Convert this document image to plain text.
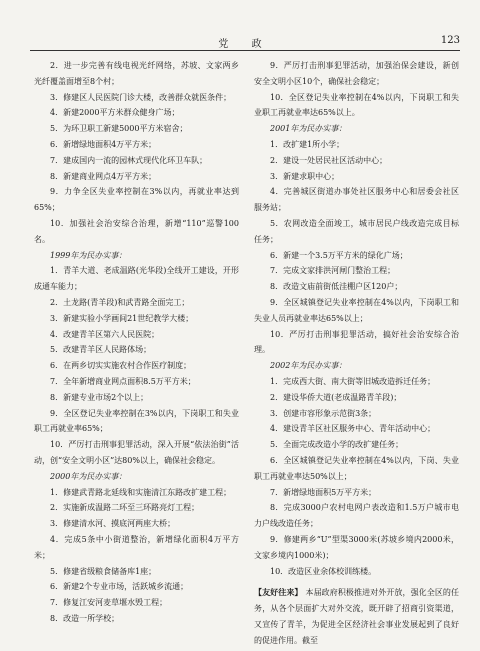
党 政	123

2．进一步完善有线电视光纤网络，苏坡、文家两乡光纤覆盖面增至8个村；

3．修建区人民医院门诊大楼，改善群众就医条件；

4．新建2000平方米群众健身广场；

5．为环卫职工新建5000平方米宿舍；

6．新增绿地面积4万平方米；

7．建成国内一流的园林式现代化环卫车队；

8．新建商业网点4万平方米；

9．力争全区失业率控制在3%以内，再就业率达到65%；

10．加强社会治安综合治理，新增“110”巡警100名。

1999年为民办实事：

1．青羊大道、老成温路(光华段)全线开工建设，开形成通车能力；

2．土龙路(青羊段)和武青路全面完工；

3．新建实验小学画间21世纪教学大楼；

4．改建青羊区第六人民医院；

5．改建青羊区人民路体场；

6．在两乡切实实施农村合作医疗制度；

7．全年新增商业网点面积8.5万平方米；

8．新建专业市场2个以上；

9．全区登记失业率控制在3%以内，下岗职工和失业职工再就业率65%；

10．严厉打击刑事犯罪活动，深入开展“依法治街”活动，创“安全文明小区”达80%以上，确保社会稳定。

2000年为民办实事：

1．修建武青路北延线和实施清江东路改扩建工程；

2．实施新成温路二环至三环路亮灯工程；

3．修建清水河、摸底河两座大桥；

4．完成5条中小街道整治，新增绿化面积4万平方米；

5．修建省级粮食储备库1座；

6．新建2个专业市场，活跃城乡流通；

7．修复江安河麦草堰水毁工程；

8．改造一所学校；

9．严厉打击刑事犯罪活动，加强治保会建设，新创安全文明小区10个，确保社会稳定；

10．全区登记失业率控制在4%以内，下岗职工和失业职工再就业率达65%以上。

2001年为民办实事：

1．改扩建1所小学；

2．建设一处居民社区活动中心；

3．新建求职中心；

4．完善城区街道办事处社区服务中心和居委会社区服务站；

5．农网改造全面竣工，城市居民户线改造完成目标任务；

6．新建一个3.5万平方米的绿化广场；

7．完成文家排洪河闸门整治工程；

8．改造文庙前街低洼棚户区120户；

9．全区城镇登记失业率控制在4%以内，下岗职工和失业人员再就业率达65%以上；

10．严厉打击刑事犯罪活动，搞好社会治安综合治理。

2002年为民办实事：

1．完成西大街、南大街等旧城改造拆迁任务；

2．建设华侨大道(老成温路青羊段)；

3．创建市容形象示范街3条；

4．建设青羊区社区服务中心、青年活动中心；

5．全面完成改造小学的改扩建任务；

6．全区城镇登记失业率控制在4%以内，下岗、失业职工再就业率达50%以上；

7．新增绿地面积5万平方米；

8．完成3000户农村电网户表改造和1.5万户城市电力户线改造任务；

9．修建两乡“U”型渠3000米(苏坡乡境内2000米，文家乡境内1000米)；

10．改造区业余体校训练楼。

【友好往来】 本届政府积极推进对外开放，强化全区的任务，从各个层面扩大对外交流，既开辟了招商引资渠道，又宣传了青羊，为促进全区经济社会事业发展起到了良好的促进作用。截至
